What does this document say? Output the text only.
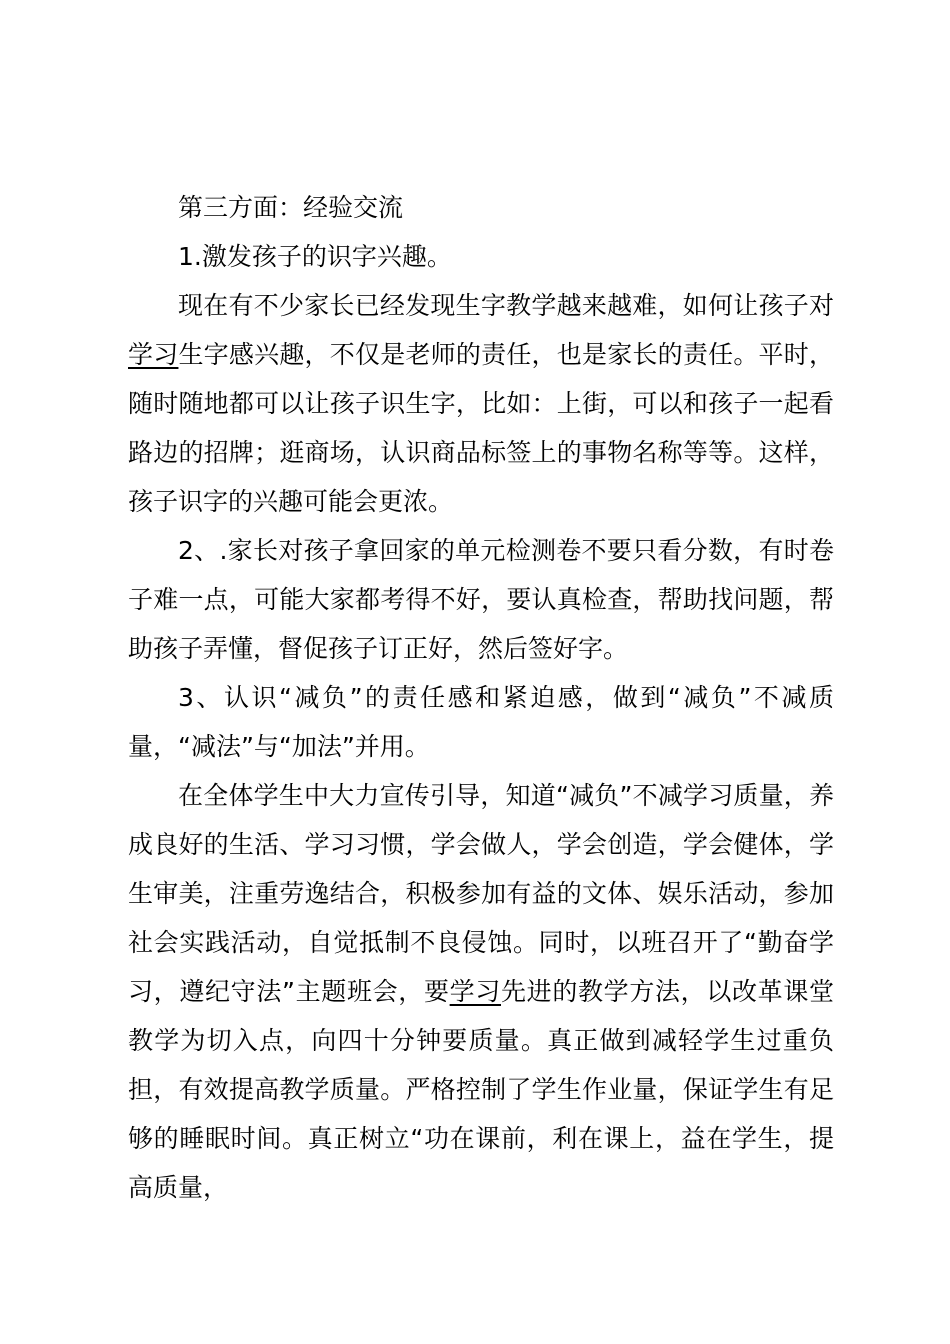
第三方面：经验交流

1.激发孩子的识字兴趣。

现在有不少家长已经发现生字教学越来越难，如何让孩子对学习生字感兴趣，不仅是老师的责任，也是家长的责任。平时，随时随地都可以让孩子识生字，比如：上街，可以和孩子一起看路边的招牌；逛商场，认识商品标签上的事物名称等等。这样，孩子识字的兴趣可能会更浓。

2、.家长对孩子拿回家的单元检测卷不要只看分数，有时卷子难一点，可能大家都考得不好，要认真检查，帮助找问题，帮助孩子弄懂，督促孩子订正好，然后签好字。

3、认识“减负”的责任感和紧迫感，做到“减负”不减质量，“减法”与“加法”并用。

在全体学生中大力宣传引导，知道“减负”不减学习质量，养成良好的生活、学习习惯，学会做人，学会创造，学会健体，学生审美，注重劳逸结合，积极参加有益的文体、娱乐活动，参加社会实践活动，自觉抵制不良侵蚀。同时，以班召开了“勤奋学习，遵纪守法”主题班会，要学习先进的教学方法，以改革课堂教学为切入点，向四十分钟要质量。真正做到减轻学生过重负担，有效提高教学质量。严格控制了学生作业量，保证学生有足够的睡眠时间。真正树立“功在课前，利在课上，益在学生，提高质量，
